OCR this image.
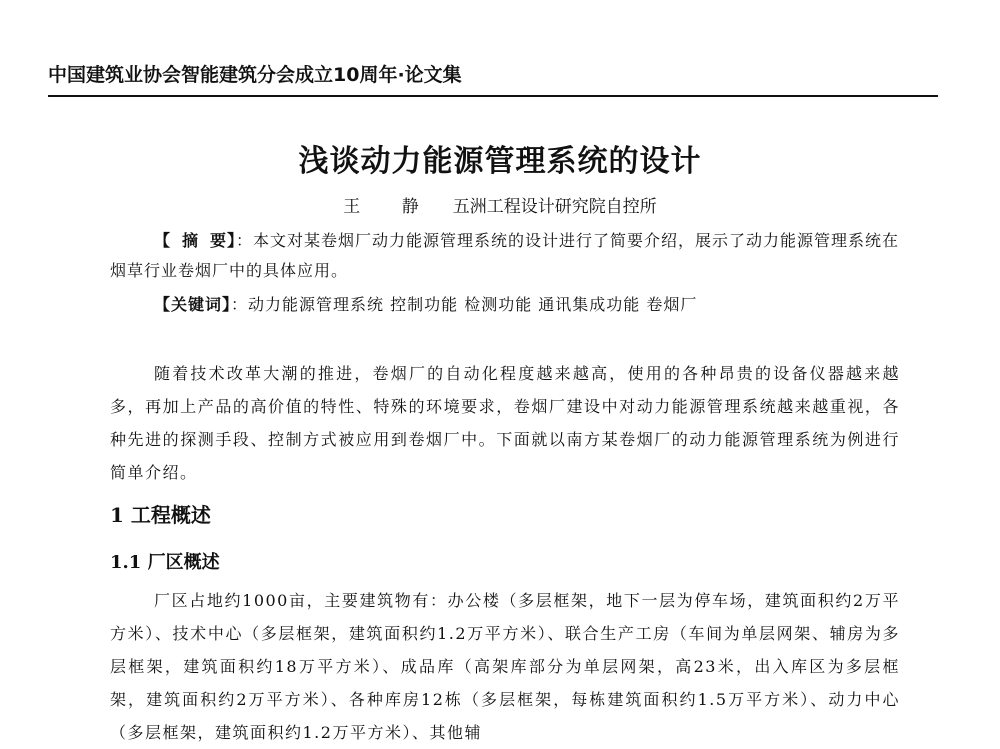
中国建筑业协会智能建筑分会成立10周年·论文集
浅谈动力能源管理系统的设计
王 静 五洲工程设计研究院自控所
【摘要】：本文对某卷烟厂动力能源管理系统的设计进行了简要介绍，展示了动力能源管理系统在烟草行业卷烟厂中的具体应用。
【关键词】：动力能源管理系统 控制功能 检测功能 通讯集成功能 卷烟厂
随着技术改革大潮的推进，卷烟厂的自动化程度越来越高，使用的各种昂贵的设备仪器越来越多，再加上产品的高价值的特性、特殊的环境要求，卷烟厂建设中对动力能源管理系统越来越重视，各种先进的探测手段、控制方式被应用到卷烟厂中。下面就以南方某卷烟厂的动力能源管理系统为例进行简单介绍。
1 工程概述
1.1 厂区概述
厂区占地约1000亩，主要建筑物有：办公楼（多层框架，地下一层为停车场，建筑面积约2万平方米）、技术中心（多层框架，建筑面积约1.2万平方米）、联合生产工房（车间为单层网架、辅房为多层框架，建筑面积约18万平方米）、成品库（高架库部分为单层网架，高23米，出入库区为多层框架，建筑面积约2万平方米）、各种库房12栋（多层框架，每栋建筑面积约1.5万平方米）、动力中心（多层框架，建筑面积约1.2万平方米）、其他辅
